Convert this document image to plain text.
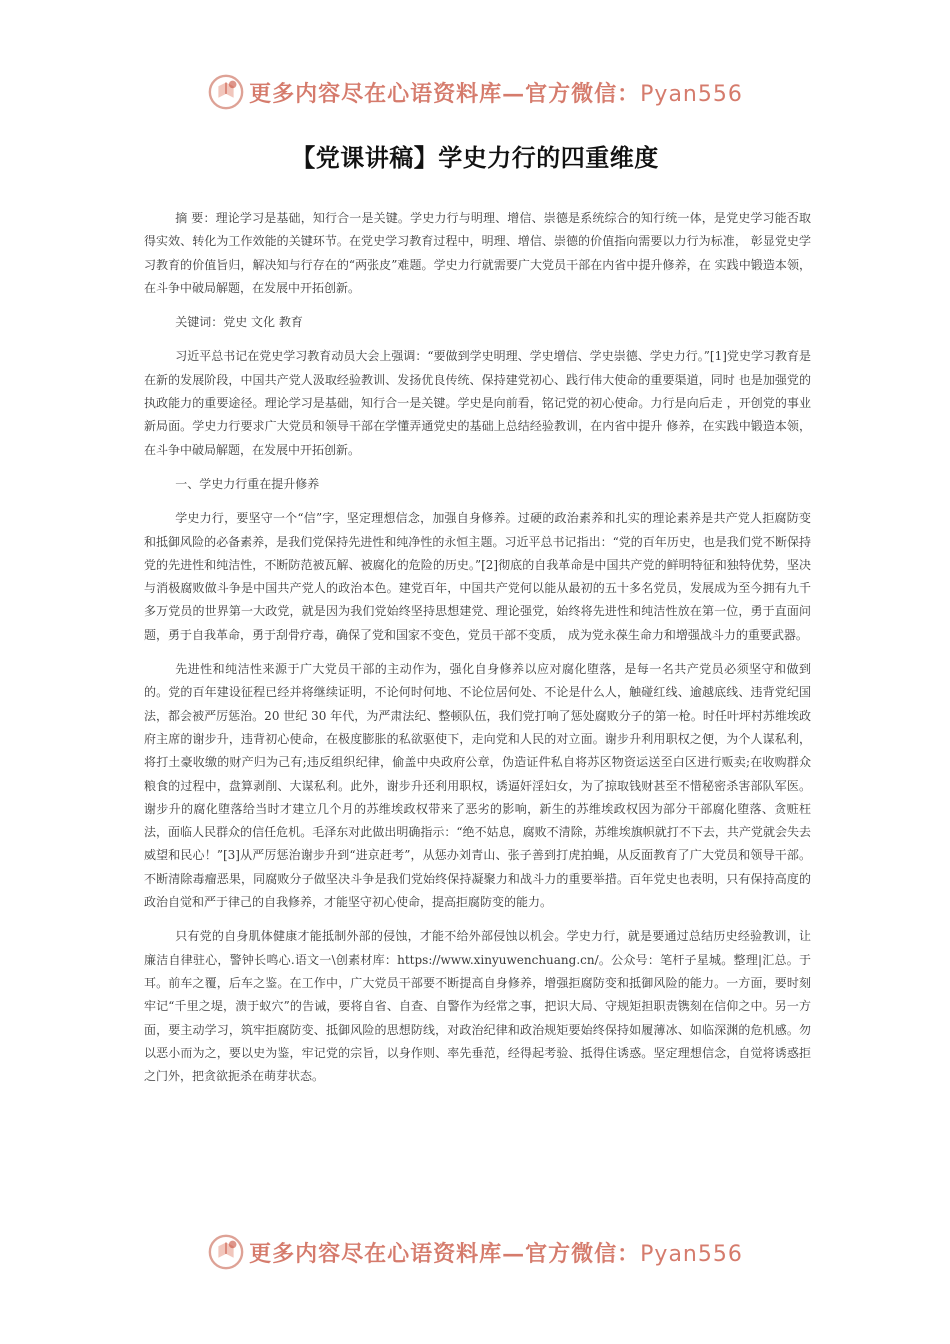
更多内容尽在心语资料库—官方微信：Pyan556
【党课讲稿】学史力行的四重维度

摘 要：理论学习是基础，知行合一是关键。学史力行与明理、增信、崇德是系统综合的知行统一体，是党史学习能否取得实效、转化为工作效能的关键环节。在党史学习教育过程中，明理、增信、崇德的价值指向需要以力行为标准， 彰显党史学习教育的价值旨归，解决知与行存在的“两张皮”难题。学史力行就需要广大党员干部在内省中提升修养，在 实践中锻造本领，在斗争中破局解题，在发展中开拓创新。

关键词：党史 文化 教育

习近平总书记在党史学习教育动员大会上强调：“要做到学史明理、学史增信、学史崇德、学史力行。”[1]党史学习教育是在新的发展阶段，中国共产党人汲取经验教训、发扬优良传统、保持建党初心、践行伟大使命的重要渠道，同时 也是加强党的执政能力的重要途径。理论学习是基础，知行合一是关键。学史是向前看，铭记党的初心使命。力行是向后走 ，开创党的事业新局面。学史力行要求广大党员和领导干部在学懂弄通党史的基础上总结经验教训，在内省中提升 修养，在实践中锻造本领，在斗争中破局解题，在发展中开拓创新。

一、学史力行重在提升修养

学史力行，要坚守一个“信”字，坚定理想信念，加强自身修养。过硬的政治素养和扎实的理论素养是共产党人拒腐防变和抵御风险的必备素养，是我们党保持先进性和纯净性的永恒主题。习近平总书记指出：“党的百年历史，也是我们党不断保持党的先进性和纯洁性，不断防范被瓦解、被腐化的危险的历史。”[2]彻底的自我革命是中国共产党的鲜明特征和独特优势，坚决与消极腐败做斗争是中国共产党人的政治本色。建党百年，中国共产党何以能从最初的五十多名党员，发展成为至今拥有九千多万党员的世界第一大政党，就是因为我们党始终坚持思想建党、理论强党，始终将先进性和纯洁性放在第一位，勇于直面问题，勇于自我革命，勇于刮骨疗毒，确保了党和国家不变色，党员干部不变质， 成为党永葆生命力和增强战斗力的重要武器。

先进性和纯洁性来源于广大党员干部的主动作为，强化自身修养以应对腐化堕落，是每一名共产党员必须坚守和做到的。党的百年建设征程已经并将继续证明，不论何时何地、不论位居何处、不论是什么人，触碰红线、逾越底线、违背党纪国法，都会被严厉惩治。20 世纪 30 年代，为严肃法纪、整顿队伍，我们党打响了惩处腐败分子的第一枪。时任叶坪村苏维埃政府主席的谢步升，违背初心使命，在极度膨胀的私欲驱使下，走向党和人民的对立面。谢步升利用职权之便，为个人谋私利，将打土豪收缴的财产归为己有;违反组织纪律，偷盖中央政府公章，伪造证件私自将苏区物资运送至白区进行贩卖;在收购群众粮食的过程中，盘算剥削、大谋私利。此外，谢步升还利用职权，诱逼奸淫妇女，为了掠取钱财甚至不惜秘密杀害部队军医。谢步升的腐化堕落给当时才建立几个月的苏维埃政权带来了恶劣的影响，新生的苏维埃政权因为部分干部腐化堕落、贪赃枉法，面临人民群众的信任危机。毛泽东对此做出明确指示：“绝不姑息，腐败不清除，苏维埃旗帜就打不下去，共产党就会失去威望和民心！”[3]从严厉惩治谢步升到“进京赶考”，从惩办刘青山、张子善到打虎拍蝇，从反面教育了广大党员和领导干部。不断清除毒瘤恶果，同腐败分子做坚决斗争是我们党始终保持凝聚力和战斗力的重要举措。百年党史也表明，只有保持高度的政治自觉和严于律己的自我修养，才能坚守初心使命，提高拒腐防变的能力。

只有党的自身肌体健康才能抵制外部的侵蚀，才能不给外部侵蚀以机会。学史力行，就是要通过总结历史经验教训，让廉洁自律驻心，警钟长鸣心.语文一\创素材库：https://www.xinyuwenchuang.cn/。公众号：笔杆子星城。整理|汇总。于耳。前车之覆，后车之鉴。在工作中，广大党员干部要不断提高自身修养，增强拒腐防变和抵御风险的能力。一方面，要时刻牢记“千里之堤，溃于蚁穴”的告诫，要将自省、自查、自警作为经常之事，把识大局、守规矩担职责镌刻在信仰之中。另一方面，要主动学习，筑牢拒腐防变、抵御风险的思想防线，对政治纪律和政治规矩要始终保持如履薄冰、如临深渊的危机感。勿以恶小而为之，要以史为鉴，牢记党的宗旨，以身作则、率先垂范，经得起考验、抵得住诱惑。坚定理想信念，自觉将诱惑拒之门外，把贪欲扼杀在萌芽状态。

更多内容尽在心语资料库—官方微信：Pyan556
